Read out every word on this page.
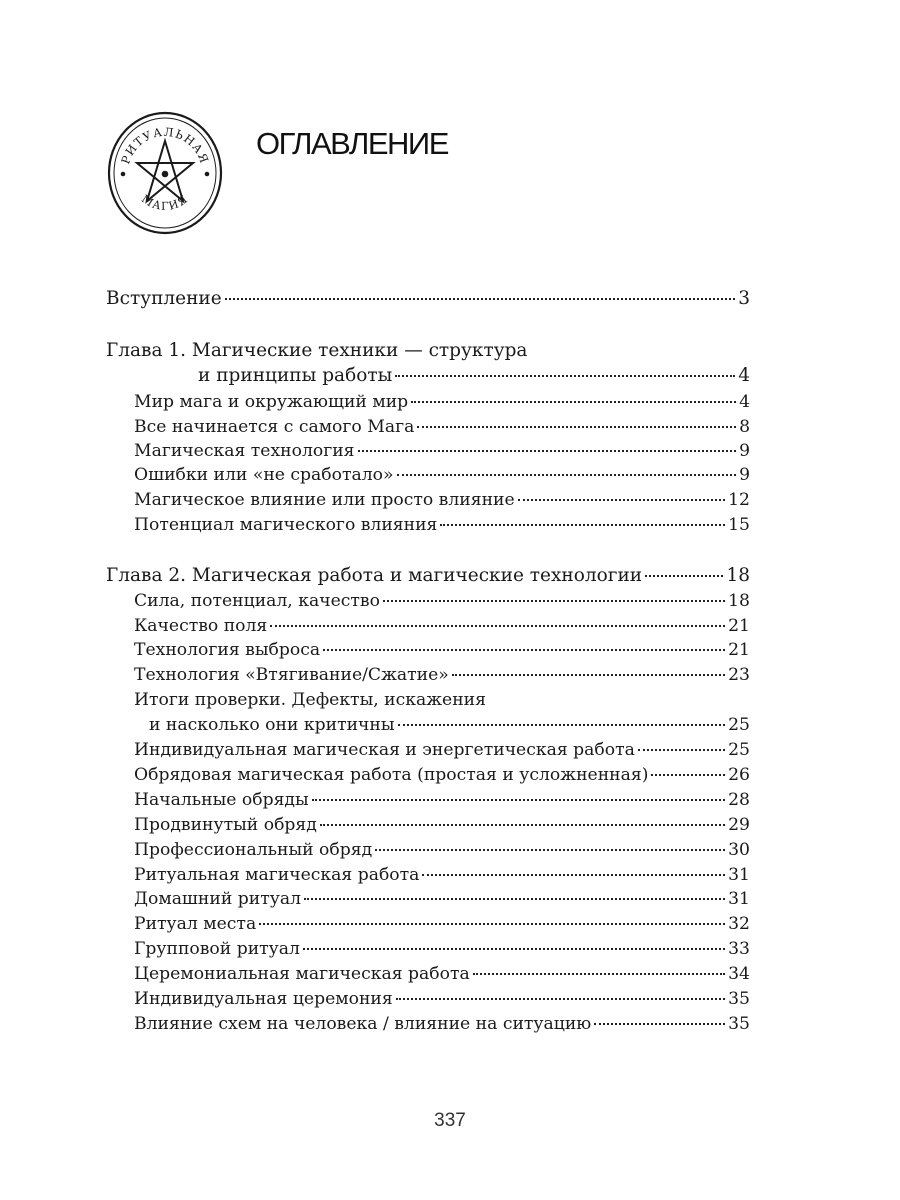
РИТУАЛЬНАЯ
МАГИЯ
ОГЛАВЛЕНИЕ
Вступление	3
Глава 1. Магические техники — структура
и принципы работы	4
Мир мага и окружающий мир	4
Все начинается с самого Мага	8
Магическая технология	9
Ошибки или «не сработало»	9
Магическое влияние или просто влияние	12
Потенциал магического влияния	15
Глава 2. Магическая работа и магические технологии	18
Сила, потенциал, качество	18
Качество поля	21
Технология выброса	21
Технология «Втягивание/Сжатие»	23
Итоги проверки. Дефекты, искажения
и насколько они критичны	25
Индивидуальная магическая и энергетическая работа	25
Обрядовая магическая работа (простая и усложненная)	26
Начальные обряды	28
Продвинутый обряд	29
Профессиональный обряд	30
Ритуальная магическая работа	31
Домашний ритуал	31
Ритуал места	32
Групповой ритуал	33
Церемониальная магическая работа	34
Индивидуальная церемония	35
Влияние схем на человека / влияние на ситуацию	35
337
